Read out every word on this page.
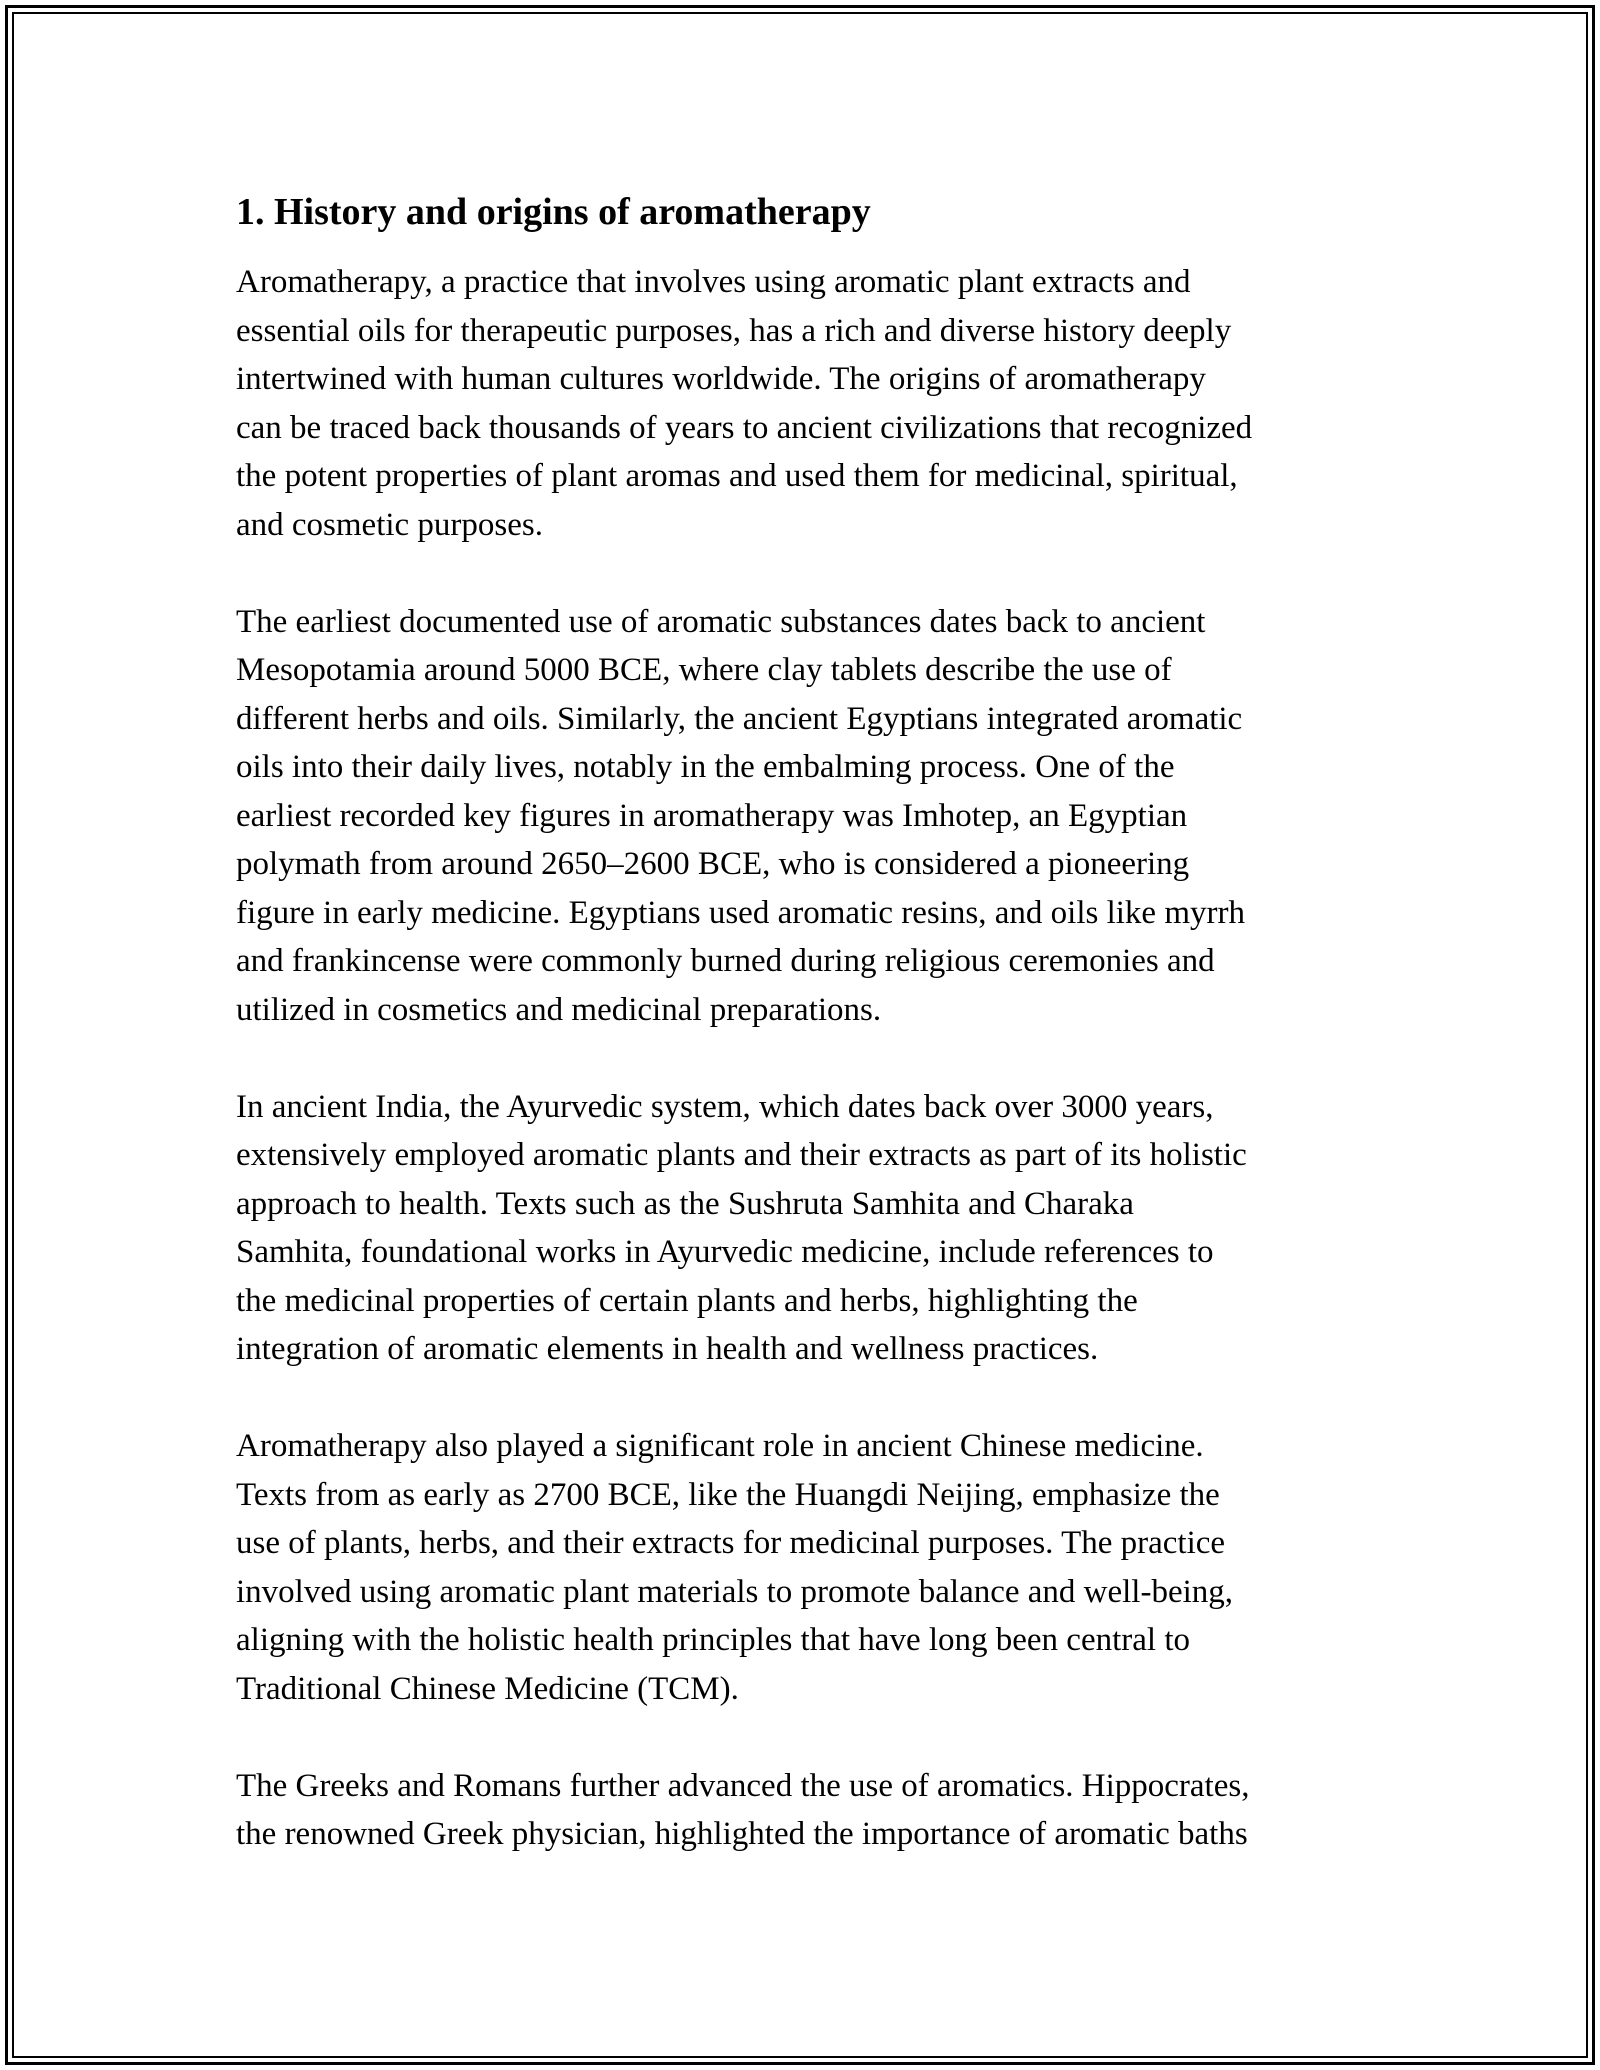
1. History and origins of aromatherapy

Aromatherapy, a practice that involves using aromatic plant extracts and
essential oils for therapeutic purposes, has a rich and diverse history deeply
intertwined with human cultures worldwide. The origins of aromatherapy
can be traced back thousands of years to ancient civilizations that recognized
the potent properties of plant aromas and used them for medicinal, spiritual,
and cosmetic purposes.

The earliest documented use of aromatic substances dates back to ancient
Mesopotamia around 5000 BCE, where clay tablets describe the use of
different herbs and oils. Similarly, the ancient Egyptians integrated aromatic
oils into their daily lives, notably in the embalming process. One of the
earliest recorded key figures in aromatherapy was Imhotep, an Egyptian
polymath from around 2650–2600 BCE, who is considered a pioneering
figure in early medicine. Egyptians used aromatic resins, and oils like myrrh
and frankincense were commonly burned during religious ceremonies and
utilized in cosmetics and medicinal preparations.

In ancient India, the Ayurvedic system, which dates back over 3000 years,
extensively employed aromatic plants and their extracts as part of its holistic
approach to health. Texts such as the Sushruta Samhita and Charaka
Samhita, foundational works in Ayurvedic medicine, include references to
the medicinal properties of certain plants and herbs, highlighting the
integration of aromatic elements in health and wellness practices.

Aromatherapy also played a significant role in ancient Chinese medicine.
Texts from as early as 2700 BCE, like the Huangdi Neijing, emphasize the
use of plants, herbs, and their extracts for medicinal purposes. The practice
involved using aromatic plant materials to promote balance and well-being,
aligning with the holistic health principles that have long been central to
Traditional Chinese Medicine (TCM).

The Greeks and Romans further advanced the use of aromatics. Hippocrates,
the renowned Greek physician, highlighted the importance of aromatic baths
